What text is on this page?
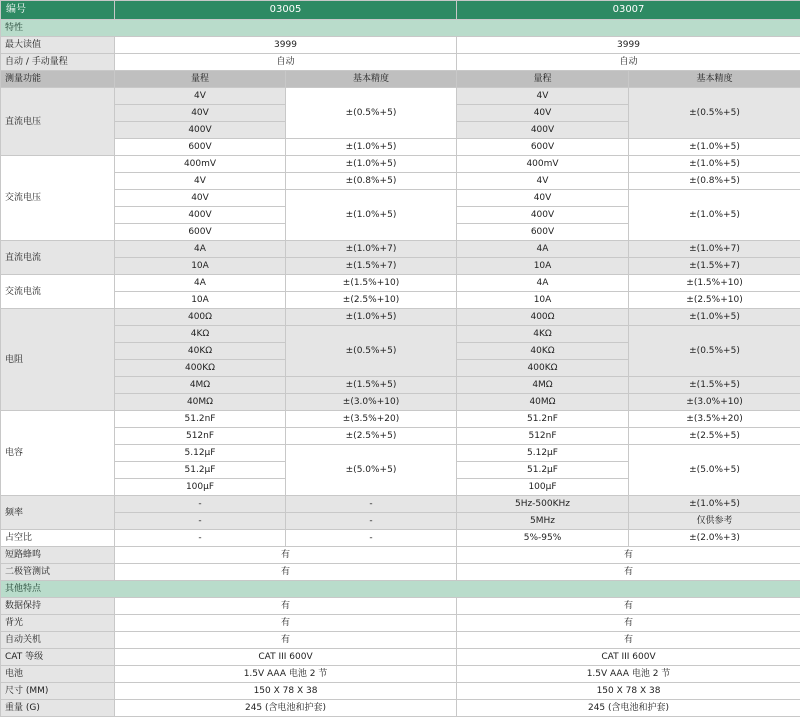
编号	03005		03007	
特性				
最大读值	3999		3999	
自动 / 手动量程	自动		自动	
测量功能	量程	基本精度	量程	基本精度
直流电压	4V	±(0.5%+5)	4V	±(0.5%+5)
	40V		40V	
	400V		400V	
	600V	±(1.0%+5)	600V	±(1.0%+5)
交流电压	400mV	±(1.0%+5)	400mV	±(1.0%+5)
	4V	±(0.8%+5)	4V	±(0.8%+5)
	40V	±(1.0%+5)	40V	±(1.0%+5)
	400V		400V	
	600V		600V	
直流电流	4A	±(1.0%+7)	4A	±(1.0%+7)
	10A	±(1.5%+7)	10A	±(1.5%+7)
交流电流	4A	±(1.5%+10)	4A	±(1.5%+10)
	10A	±(2.5%+10)	10A	±(2.5%+10)
电阻	400Ω	±(1.0%+5)	400Ω	±(1.0%+5)
	4KΩ	±(0.5%+5)	4KΩ	±(0.5%+5)
	40KΩ		40KΩ	
	400KΩ		400KΩ	
	4MΩ	±(1.5%+5)	4MΩ	±(1.5%+5)
	40MΩ	±(3.0%+10)	40MΩ	±(3.0%+10)
电容	51.2nF	±(3.5%+20)	51.2nF	±(3.5%+20)
	512nF	±(2.5%+5)	512nF	±(2.5%+5)
	5.12μF	±(5.0%+5)	5.12μF	±(5.0%+5)
	51.2μF		51.2μF	
	100μF		100μF	
频率	-	-	5Hz-500KHz	±(1.0%+5)
	-	-	5MHz	仅供参考
占空比	-	-	5%-95%	±(2.0%+3)
短路蜂鸣	有		有	
二极管测试	有		有	
其他特点				
数据保持	有		有	
背光	有		有	
自动关机	有		有	
CAT 等级	CAT III 600V		CAT III 600V	
电池	1.5V AAA 电池 2 节		1.5V AAA 电池 2 节	
尺寸 (MM)	150 X 78 X 38		150 X 78 X 38	
重量 (G)	245 (含电池和护套)		245 (含电池和护套)	
